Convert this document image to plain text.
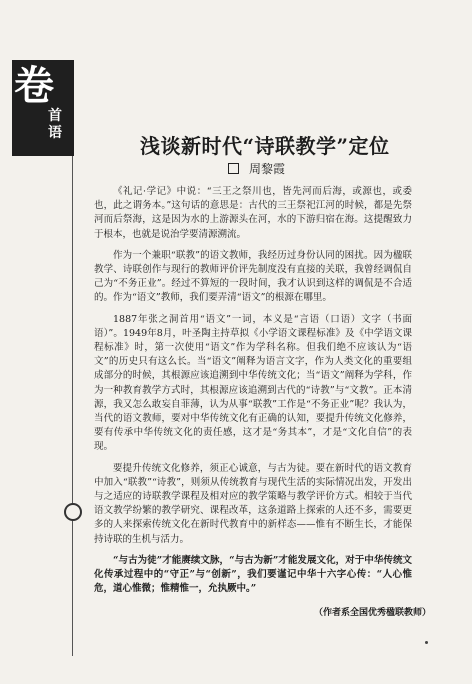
卷
首语
浅谈新时代“诗联教学”定位
周黎霞

《礼记·学记》中说：“三王之祭川也，皆先河而后海，或源也，或委也，此之谓务本。”这句话的意思是：古代的三王祭祀江河的时候，都是先祭河而后祭海，这是因为水的上游源头在河，水的下游归宿在海。这提醒致力于根本，也就是说治学要清源溯流。

作为一个兼职“联教”的语文教师，我经历过身份认同的困扰。因为楹联教学、诗联创作与现行的教师评价评先制度没有直接的关联，我曾经调侃自己为“不务正业”。经过不算短的一段时间，我才认识到这样的调侃是不合适的。作为“语文”教师，我们要弄清“语文”的根源在哪里。

1887年张之洞首用“语文”一词，本义是“言语（口语）文字（书面语）”。1949年8月，叶圣陶主持草拟《小学语文课程标准》及《中学语文课程标准》时，第一次使用“语文”作为学科名称。但我们绝不应该认为“语文”的历史只有这么长。当“语文”阐释为语言文字，作为人类文化的重要组成部分的时候，其根源应该追溯到中华传统文化；当“语文”阐释为学科，作为一种教育教学方式时，其根源应该追溯到古代的“诗教”与“文教”。正本清源，我又怎么敢妄自菲薄，认为从事“联教”工作是“不务正业”呢？我认为，当代的语文教师，要对中华传统文化有正确的认知，要提升传统文化修养，要有传承中华传统文化的责任感，这才是“务其本”，才是“文化自信”的表现。

要提升传统文化修养，须正心诚意，与古为徒。要在新时代的语文教育中加入“联教”“诗教”，则须从传统教育与现代生活的实际情况出发，开发出与之适应的诗联教学课程及相对应的教学策略与教学评价方式。相较于当代语文教学纷繁的教学研究、课程改革，这条道路上探索的人还不多，需要更多的人来探索传统文化在新时代教育中的新样态——惟有不断生长，才能保持诗联的生机与活力。

“与古为徒”才能赓续文脉，“与古为新”才能发展文化，对于中华传统文化传承过程中的“守正”与“创新”，我们要谨记中华十六字心传：“人心惟危，道心惟微；惟精惟一，允执厥中。”

（作者系全国优秀楹联教师）
